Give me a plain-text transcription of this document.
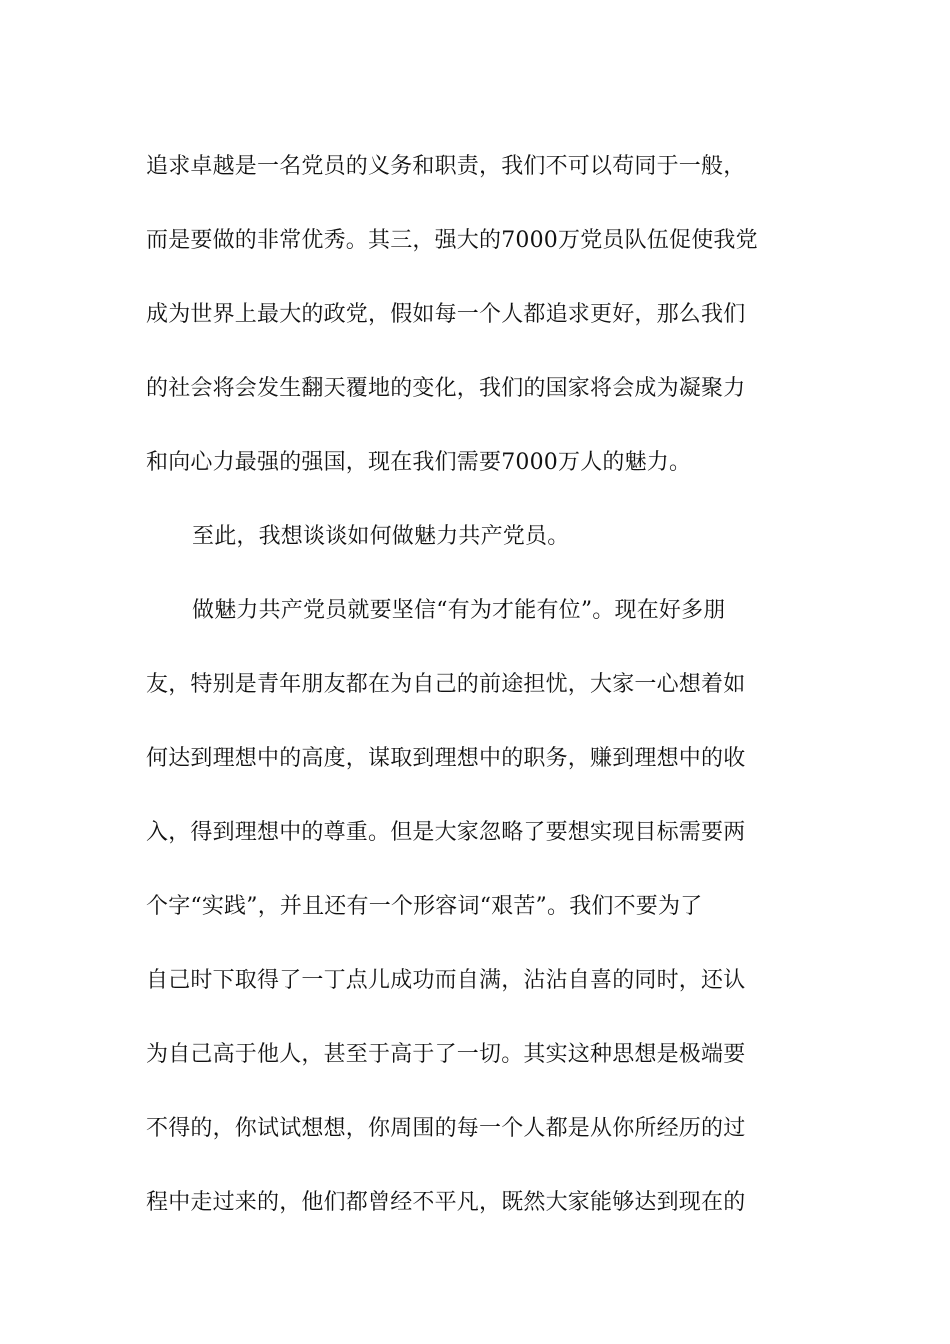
追求卓越是一名党员的义务和职责，我们不可以苟同于一般，
而是要做的非常优秀。其三，强大的7000万党员队伍促使我党
成为世界上最大的政党，假如每一个人都追求更好，那么我们
的社会将会发生翻天覆地的变化，我们的国家将会成为凝聚力
和向心力最强的强国，现在我们需要7000万人的魅力。
至此，我想谈谈如何做魅力共产党员。
做魅力共产党员就要坚信“有为才能有位”。现在好多朋
友，特别是青年朋友都在为自己的前途担忧，大家一心想着如
何达到理想中的高度，谋取到理想中的职务，赚到理想中的收
入，得到理想中的尊重。但是大家忽略了要想实现目标需要两
个字“实践”，并且还有一个形容词“艰苦”。我们不要为了
自己时下取得了一丁点儿成功而自满，沾沾自喜的同时，还认
为自己高于他人，甚至于高于了一切。其实这种思想是极端要
不得的，你试试想想，你周围的每一个人都是从你所经历的过
程中走过来的，他们都曾经不平凡，既然大家能够达到现在的
